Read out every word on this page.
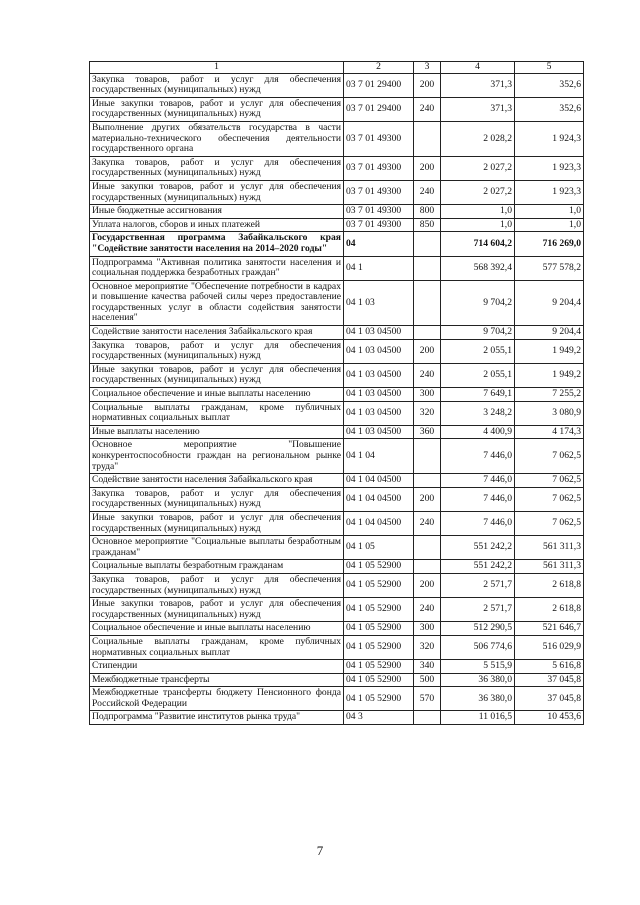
1	2	3	4	5
Закупка товаров, работ и услуг для обеспечения государственных (муниципальных) нужд	03 7 01 29400	200	371,3	352,6
Иные закупки товаров, работ и услуг для обеспечения государственных (муниципальных) нужд	03 7 01 29400	240	371,3	352,6
Выполнение других обязательств государства в части материально-технического обеспечения деятельности государственного органа	03 7 01 49300		2 028,2	1 924,3
Закупка товаров, работ и услуг для обеспечения государственных (муниципальных) нужд	03 7 01 49300	200	2 027,2	1 923,3
Иные закупки товаров, работ и услуг для обеспечения государственных (муниципальных) нужд	03 7 01 49300	240	2 027,2	1 923,3
Иные бюджетные ассигнования	03 7 01 49300	800	1,0	1,0
Уплата налогов, сборов и иных платежей	03 7 01 49300	850	1,0	1,0
Государственная программа Забайкальского края "Содействие занятости населения на 2014–2020 годы"	04		714 604,2	716 269,0
Подпрограмма "Активная политика занятости населения и социальная поддержка безработных граждан"	04 1		568 392,4	577 578,2
Основное мероприятие "Обеспечение потребности в кадрах и повышение качества рабочей силы через предоставление государственных услуг в области содействия занятости населения"	04 1 03		9 704,2	9 204,4
Содействие занятости населения Забайкальского края	04 1 03 04500		9 704,2	9 204,4
Закупка товаров, работ и услуг для обеспечения государственных (муниципальных) нужд	04 1 03 04500	200	2 055,1	1 949,2
Иные закупки товаров, работ и услуг для обеспечения государственных (муниципальных) нужд	04 1 03 04500	240	2 055,1	1 949,2
Социальное обеспечение и иные выплаты населению	04 1 03 04500	300	7 649,1	7 255,2
Социальные выплаты гражданам, кроме публичных нормативных социальных выплат	04 1 03 04500	320	3 248,2	3 080,9
Иные выплаты населению	04 1 03 04500	360	4 400,9	4 174,3
Основное мероприятие "Повышение конкурентоспособности граждан на региональном рынке труда"	04 1 04		7 446,0	7 062,5
Содействие занятости населения Забайкальского края	04 1 04 04500		7 446,0	7 062,5
Закупка товаров, работ и услуг для обеспечения государственных (муниципальных) нужд	04 1 04 04500	200	7 446,0	7 062,5
Иные закупки товаров, работ и услуг для обеспечения государственных (муниципальных) нужд	04 1 04 04500	240	7 446,0	7 062,5
Основное мероприятие "Социальные выплаты безработным гражданам"	04 1 05		551 242,2	561 311,3
Социальные выплаты безработным гражданам	04 1 05 52900		551 242,2	561 311,3
Закупка товаров, работ и услуг для обеспечения государственных (муниципальных) нужд	04 1 05 52900	200	2 571,7	2 618,8
Иные закупки товаров, работ и услуг для обеспечения государственных (муниципальных) нужд	04 1 05 52900	240	2 571,7	2 618,8
Социальное обеспечение и иные выплаты населению	04 1 05 52900	300	512 290,5	521 646,7
Социальные выплаты гражданам, кроме публичных нормативных социальных выплат	04 1 05 52900	320	506 774,6	516 029,9
Стипендии	04 1 05 52900	340	5 515,9	5 616,8
Межбюджетные трансферты	04 1 05 52900	500	36 380,0	37 045,8
Межбюджетные трансферты бюджету Пенсионного фонда Российской Федерации	04 1 05 52900	570	36 380,0	37 045,8
Подпрограмма "Развитие институтов рынка труда"	04 3		11 016,5	10 453,6
7
